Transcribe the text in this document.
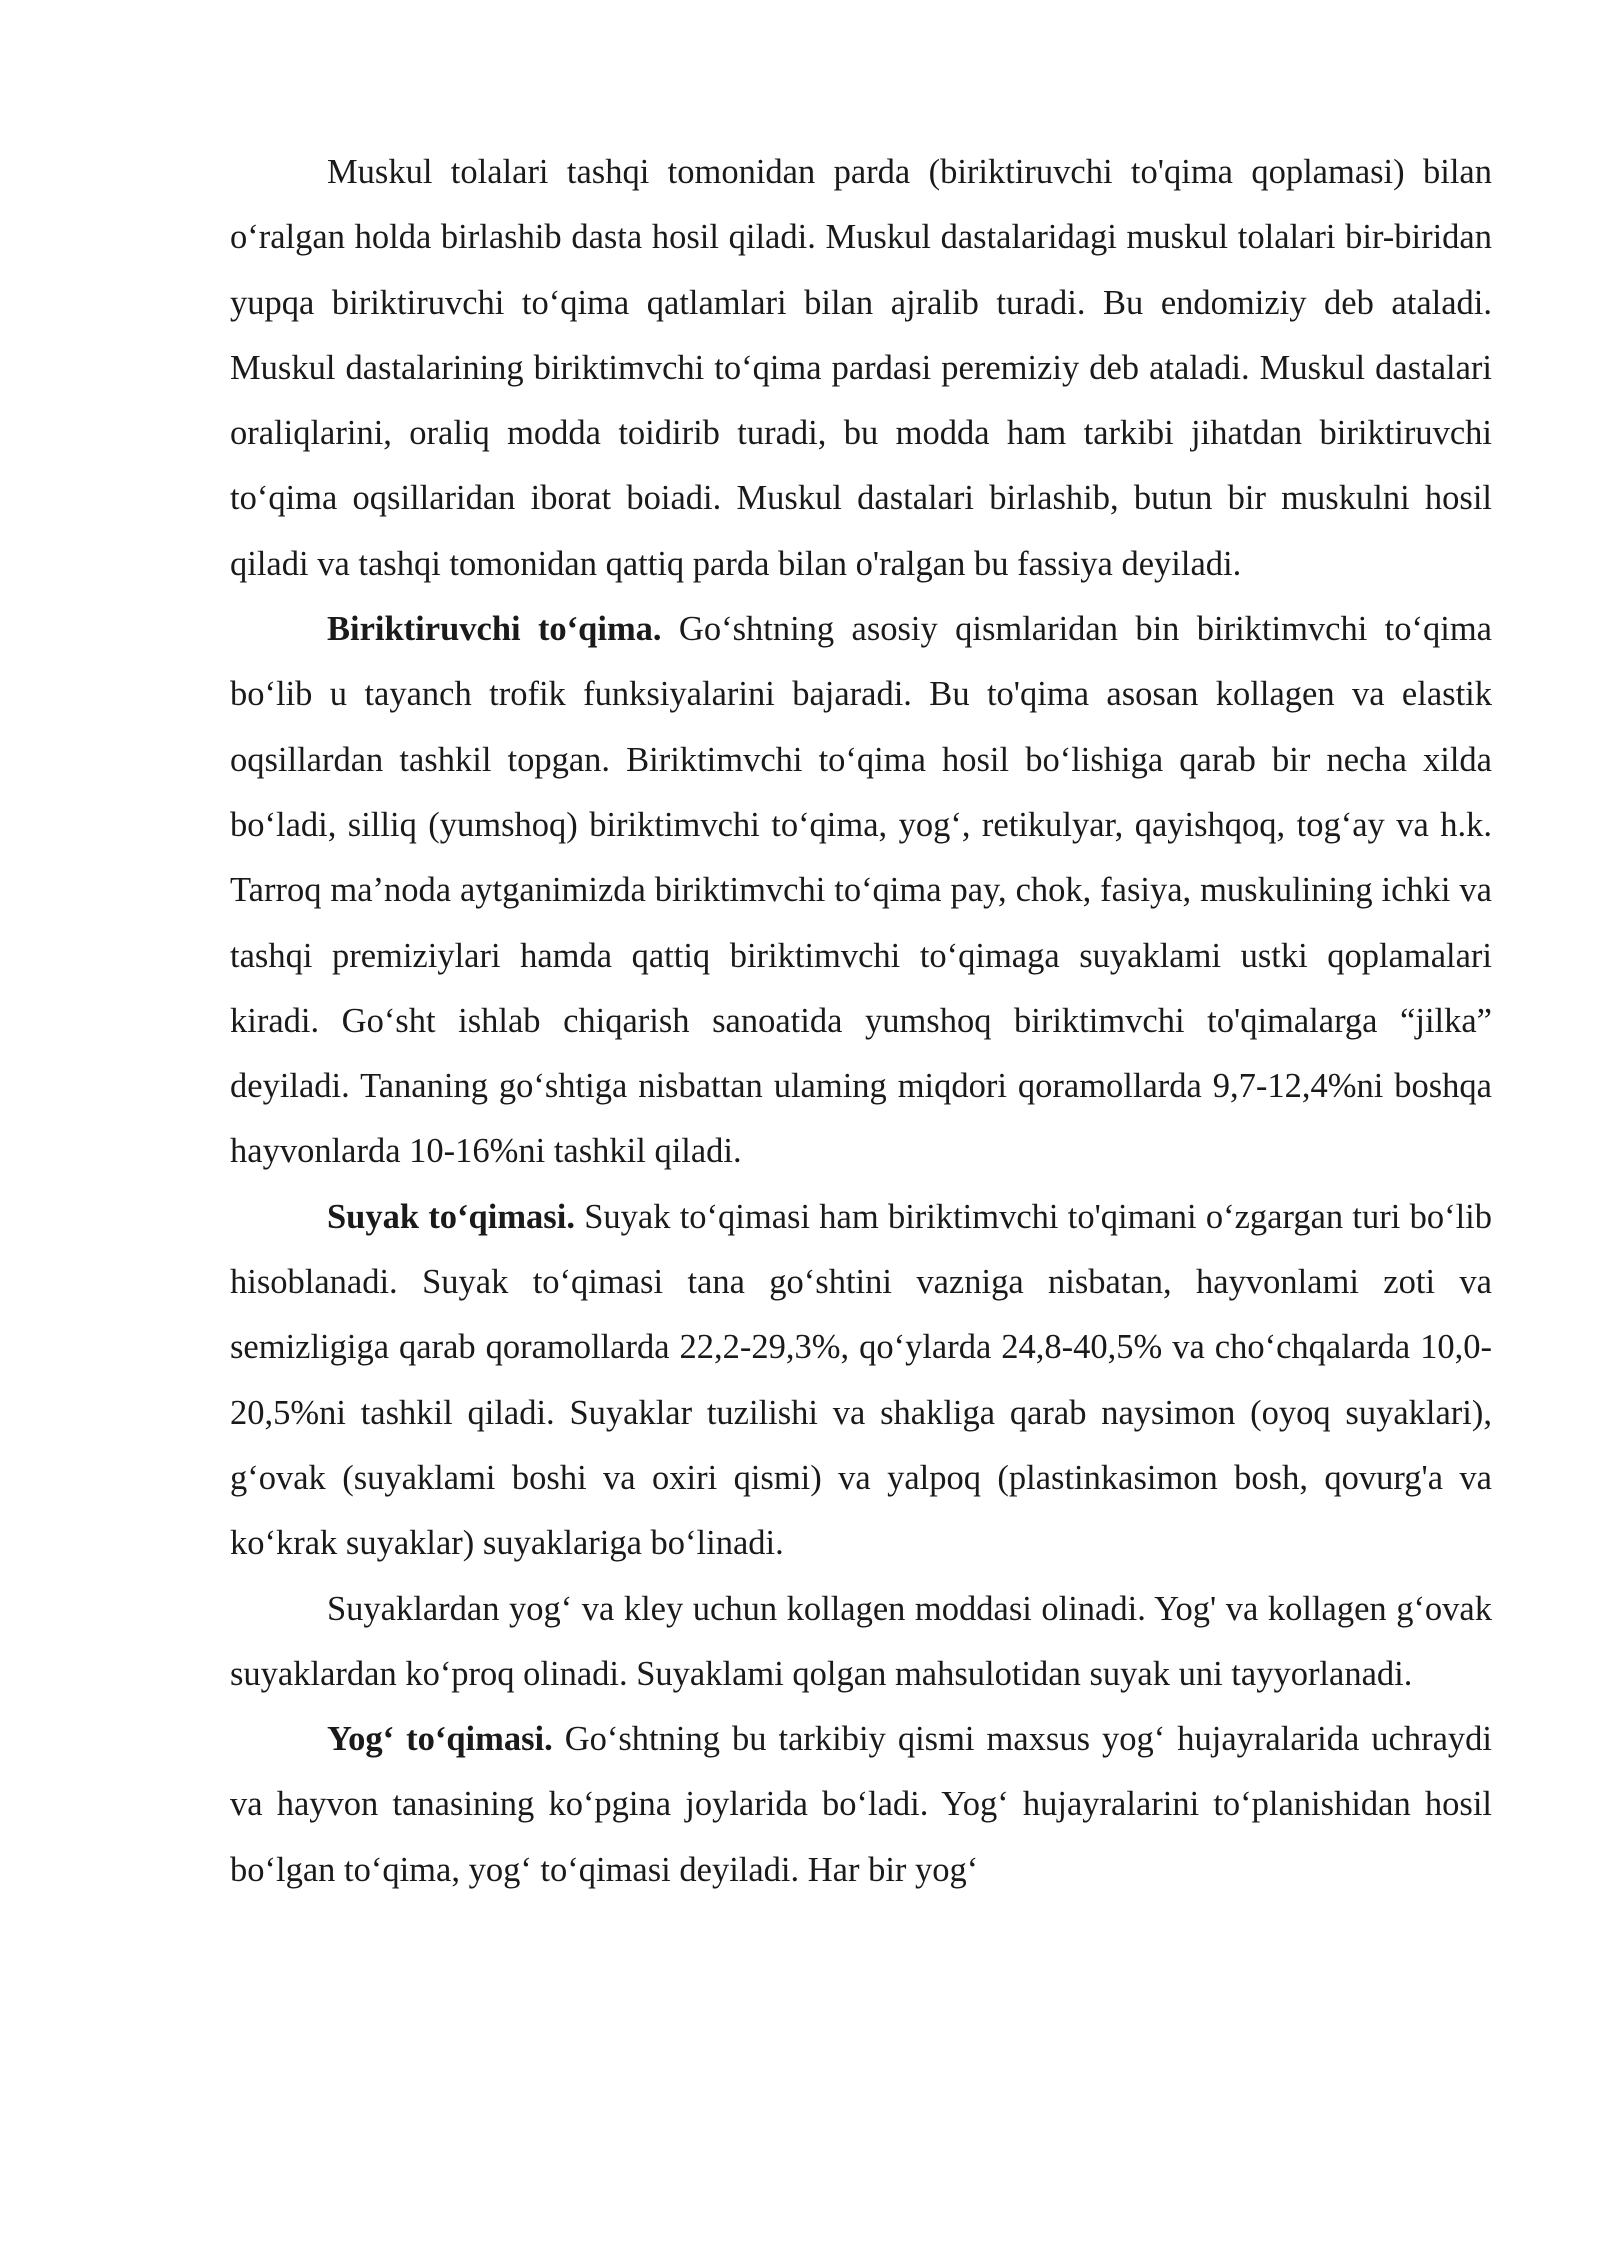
Muskul tolalari tashqi tomonidan parda (biriktiruvchi to'qima qoplamasi) bilan o‘ralgan holda birlashib dasta hosil qiladi. Muskul dastalaridagi muskul tolalari bir-biridan yupqa biriktiruvchi to‘qima qatlamlari bilan ajralib turadi. Bu endomiziy deb ataladi. Muskul dastalarining biriktimvchi to‘qima pardasi peremiziy deb ataladi. Muskul dastalari oraliqlarini, oraliq modda toidirib turadi, bu modda ham tarkibi jihatdan biriktiruvchi to‘qima oqsillaridan iborat boiadi. Muskul dastalari birlashib, butun bir muskulni hosil qiladi va tashqi tomonidan qattiq parda bilan o'ralgan bu fassiya deyiladi.

Biriktiruvchi to‘qima. Go‘shtning asosiy qismlaridan bin biriktimvchi to‘qima bo‘lib u tayanch trofik funksiyalarini bajaradi. Bu to'qima asosan kollagen va elastik oqsillardan tashkil topgan. Biriktimvchi to‘qima hosil bo‘lishiga qarab bir necha xilda bo‘ladi, silliq (yumshoq) biriktimvchi to‘qima, yog‘, retikulyar, qayishqoq, tog‘ay va h.k. Tarroq ma’noda aytganimizda biriktimvchi to‘qima pay, chok, fasiya, muskulining ichki va tashqi premiziylari hamda qattiq biriktimvchi to‘qimaga suyaklami ustki qoplamalari kiradi. Go‘sht ishlab chiqarish sanoatida yumshoq biriktimvchi to'qimalarga “jilka” deyiladi. Tananing go‘shtiga nisbattan ulaming miqdori qoramollarda 9,7-12,4%ni boshqa hayvonlarda 10-16%ni tashkil qiladi.

Suyak to‘qimasi. Suyak to‘qimasi ham biriktimvchi to'qimani o‘zgargan turi bo‘lib hisoblanadi. Suyak to‘qimasi tana go‘shtini vazniga nisbatan, hayvonlami zoti va semizligiga qarab qoramollarda 22,2-29,3%, qo‘ylarda 24,8-40,5% va cho‘chqalarda 10,0-20,5%ni tashkil qiladi. Suyaklar tuzilishi va shakliga qarab naysimon (oyoq suyaklari), g‘ovak (suyaklami boshi va oxiri qismi) va yalpoq (plastinkasimon bosh, qovurg'a va ko‘krak suyaklar) suyaklariga bo‘linadi.

Suyaklardan yog‘ va kley uchun kollagen moddasi olinadi. Yog' va kollagen g‘ovak suyaklardan ko‘proq olinadi. Suyaklami qolgan mahsulotidan suyak uni tayyorlanadi.

Yog‘ to‘qimasi. Go‘shtning bu tarkibiy qismi maxsus yog‘ hujayralarida uchraydi va hayvon tanasining ko‘pgina joylarida bo‘ladi. Yog‘ hujayralarini to‘planishidan hosil bo‘lgan to‘qima, yog‘ to‘qimasi deyiladi. Har bir yog‘
